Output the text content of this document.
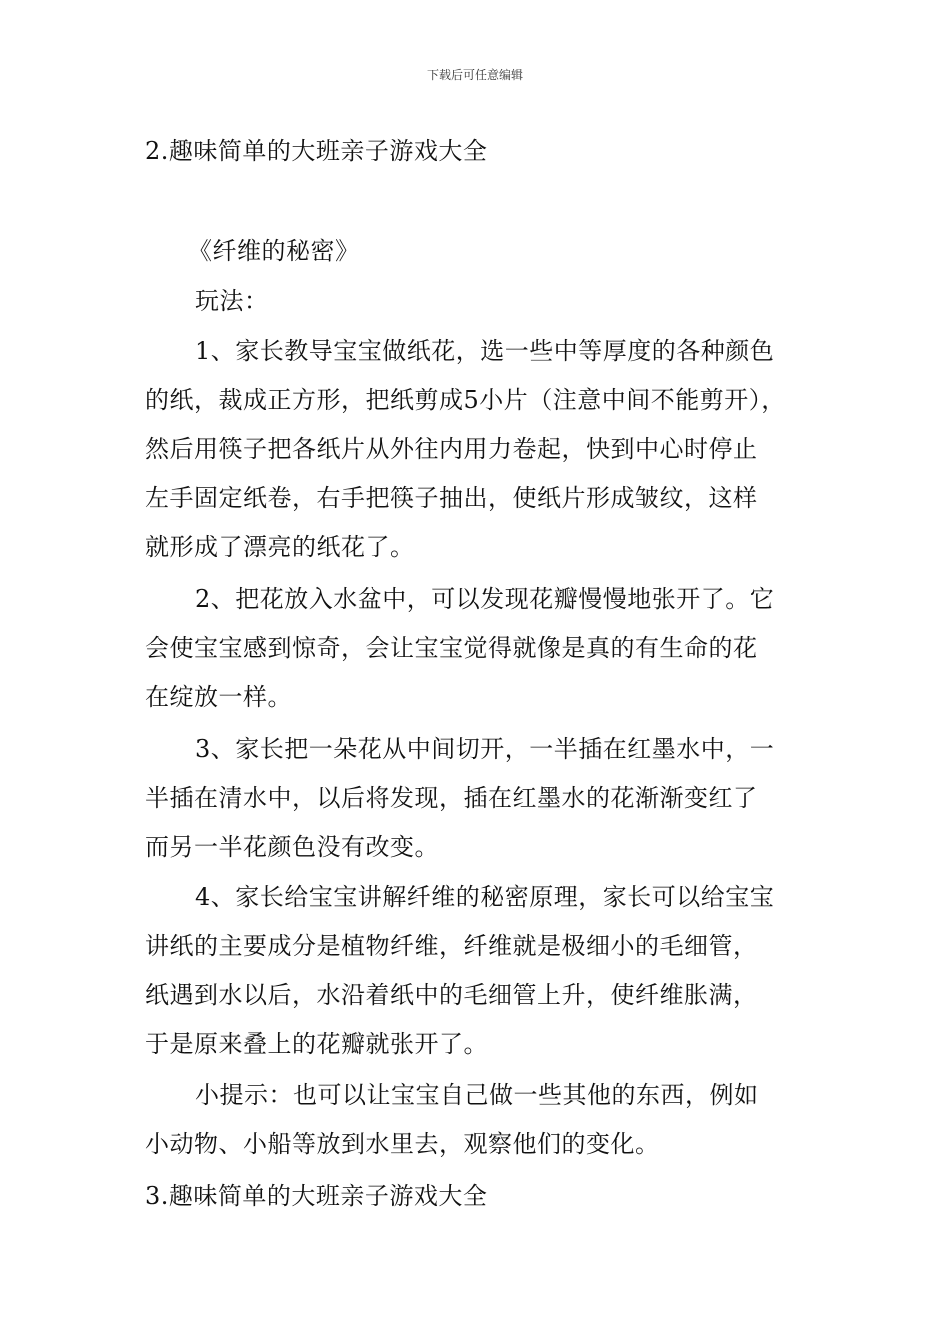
下载后可任意编辑
2.趣味简单的大班亲子游戏大全
《纤维的秘密》
玩法：
1、家长教导宝宝做纸花，选一些中等厚度的各种颜色
的纸，裁成正方形，把纸剪成5小片（注意中间不能剪开），
然后用筷子把各纸片从外往内用力卷起，快到中心时停止
左手固定纸卷，右手把筷子抽出，使纸片形成皱纹，这样
就形成了漂亮的纸花了。
2、把花放入水盆中，可以发现花瓣慢慢地张开了。它
会使宝宝感到惊奇，会让宝宝觉得就像是真的有生命的花
在绽放一样。
3、家长把一朵花从中间切开，一半插在红墨水中，一
半插在清水中，以后将发现，插在红墨水的花渐渐变红了
而另一半花颜色没有改变。
4、家长给宝宝讲解纤维的秘密原理，家长可以给宝宝
讲纸的主要成分是植物纤维，纤维就是极细小的毛细管，
纸遇到水以后，水沿着纸中的毛细管上升，使纤维胀满，
于是原来叠上的花瓣就张开了。
小提示：也可以让宝宝自己做一些其他的东西，例如
小动物、小船等放到水里去，观察他们的变化。
3.趣味简单的大班亲子游戏大全
